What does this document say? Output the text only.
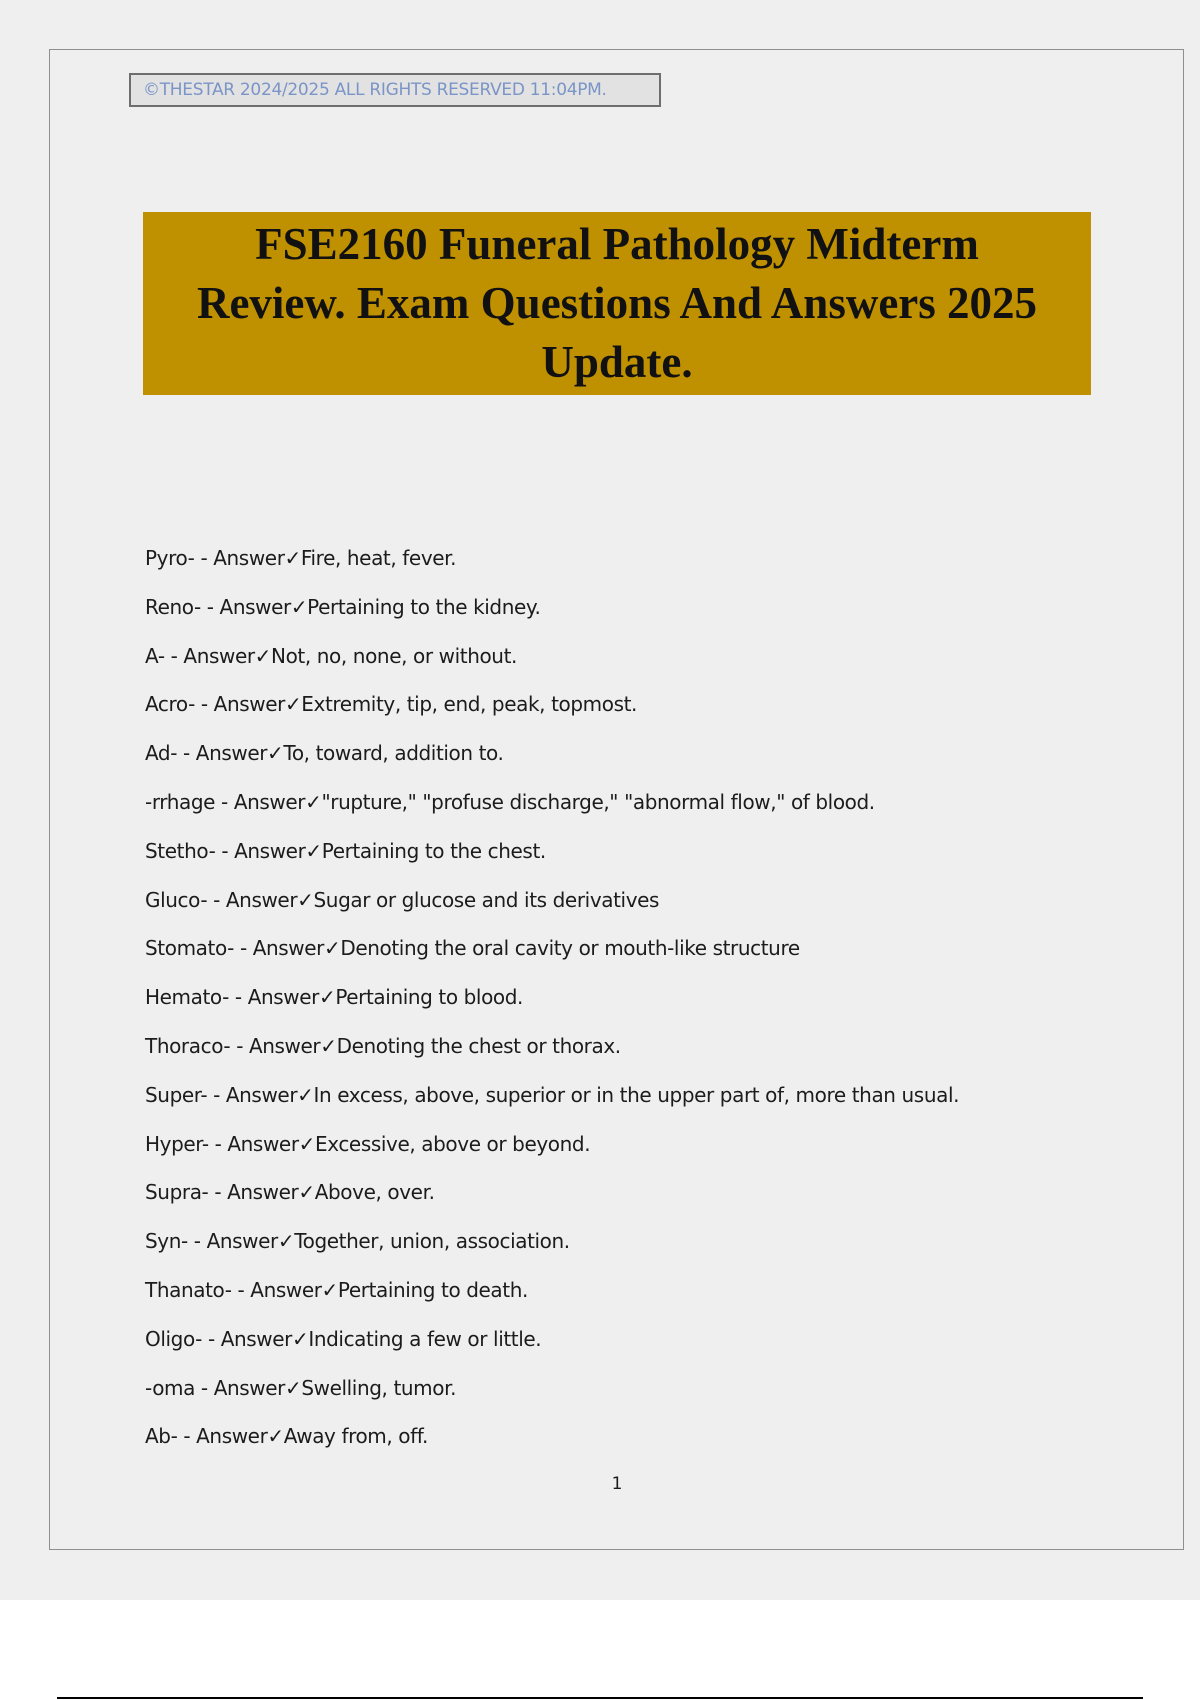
©THESTAR 2024/2025 ALL RIGHTS RESERVED 11:04PM.
FSE2160 Funeral Pathology Midterm
Review. Exam Questions And Answers 2025
Update.
Pyro- - Answer✓Fire, heat, fever.
Reno- - Answer✓Pertaining to the kidney.
A- - Answer✓Not, no, none, or without.
Acro- - Answer✓Extremity, tip, end, peak, topmost.
Ad- - Answer✓To, toward, addition to.
-rrhage - Answer✓"rupture," "profuse discharge," "abnormal flow," of blood.
Stetho- - Answer✓Pertaining to the chest.
Gluco- - Answer✓Sugar or glucose and its derivatives
Stomato- - Answer✓Denoting the oral cavity or mouth-like structure
Hemato- - Answer✓Pertaining to blood.
Thoraco- - Answer✓Denoting the chest or thorax.
Super- - Answer✓In excess, above, superior or in the upper part of, more than usual.
Hyper- - Answer✓Excessive, above or beyond.
Supra- - Answer✓Above, over.
Syn- - Answer✓Together, union, association.
Thanato- - Answer✓Pertaining to death.
Oligo- - Answer✓Indicating a few or little.
-oma - Answer✓Swelling, tumor.
Ab- - Answer✓Away from, off.
1
